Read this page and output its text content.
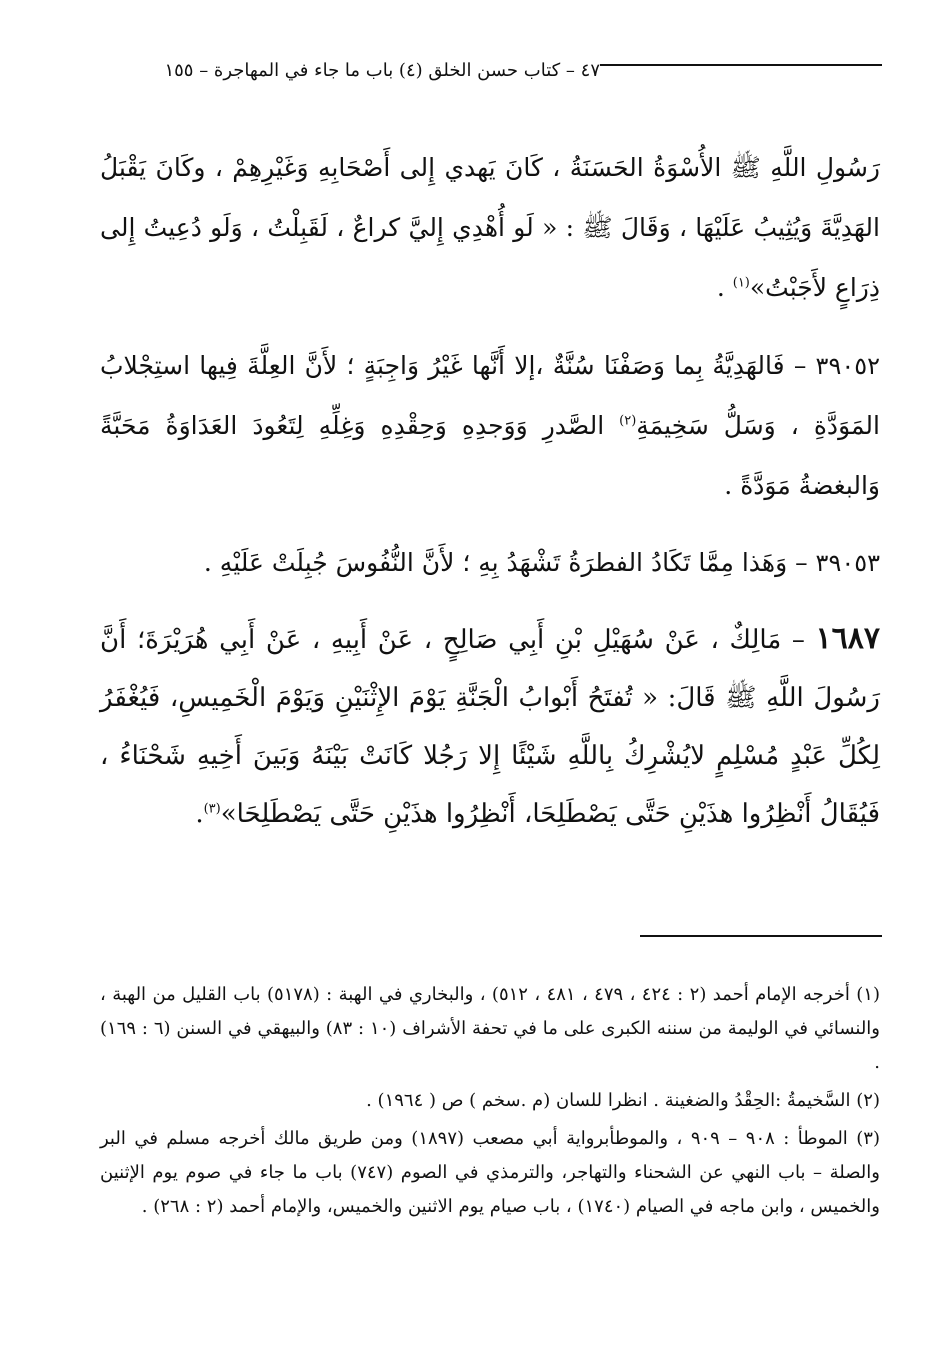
٤٧ – كتاب حسن الخلق (٤) باب ما جاء في المهاجرة – ١٥٥

رَسُولِ اللَّهِ ﷺ الأُسْوَةُ الحَسَنَةُ ، كَانَ يَهدي إِلى أَصْحَابِهِ وَغَيْرِهِمْ ، وكَانَ يَقْبَلُ الهَدِيَّةَ وَيُثِيبُ عَلَيْهَا ، وَقَالَ ﷺ : « لَو أُهْدِي إِليَّ كراعٌ ، لَقَبِلْتُ ، وَلَو دُعِيتُ إِلى ذِرَاعٍ لأَجَبْتُ»$^{(١)}$ .

٣٩٠٥٢ – فَالهَدِيَّةُ بِما وَصَفْنَا سُنَّةٌ ،إلا أَنَّها غَيْرُ وَاجِبَةٍ ؛ لأَنَّ العِلَّةَ فِيها استِجْلابُ المَوَدَّةِ ، وَسَلُّ سَخِيمَةِ$^{(٢)}$ الصَّدرِ وَوَجدِهِ وَحِقْدِهِ وَغِلِّهِ لِتَعُودَ العَدَاوَةُ مَحَبَّةً وَالبغضةُ مَوَدَّةً .

٣٩٠٥٣ – وَهَذا مِمَّا تَكَادُ الفطرَةُ تَشْهَدُ بِهِ ؛ لأَنَّ النُّفُوسَ جُبِلَتْ عَلَيْهِ .

١٦٨٧ – مَالِكٌ ، عَنْ سُهَيْلِ بْنِ أَبِي صَالِحٍ ، عَنْ أَبِيهِ ، عَنْ أَبِي هُرَيْرَةَ؛ أَنَّ رَسُولَ اللَّهِ ﷺ قَالَ: « تُفتَحُ أَبْوابُ الْجَنَّةِ يَوْمَ الإِثْنَيْنِ وَيَوْمَ الْخَمِيسِ، فَيُغْفَرُ لِكُلِّ عَبْدٍ مُسْلِمٍ لايُشْرِكُ بِاللَّهِ شَيْئًا إِلا رَجُلا كَانَتْ بَيْنَهُ وَبَينَ أَخِيهِ شَحْنَاءُ ، فَيُقَالُ أَنْظِرُوا هذَيْنِ حَتَّى يَصْطَلِحَا، أَنْظِرُوا هذَيْنِ حَتَّى يَصْطَلِحَا»$^{(٣)}$.

(١) أخرجه الإمام أحمد (٢ : ٤٢٤ ، ٤٧٩ ، ٤٨١ ، ٥١٢) ، والبخاري في الهبة : (٥١٧٨) باب القليل من الهبة ، والنسائي في الوليمة من سننه الكبرى على ما في تحفة الأشراف (١٠ : ٨٣) والبيهقي في السنن (٦ : ١٦٩) .

(٢) السَّخيمةُ :الحِقْدُ والضغينة . انظرا للسان (م .سخم ) ص ( ١٩٦٤) .

(٣) الموطأ : ٩٠٨ – ٩٠٩ ، والموطأبرواية أبي مصعب (١٨٩٧) ومن طريق مالك أخرجه مسلم في البر والصلة – باب النهي عن الشحناء والتهاجر، والترمذي في الصوم (٧٤٧) باب ما جاء في صوم يوم الإثنين والخميس ، وابن ماجه في الصيام (١٧٤٠) ، باب صيام يوم الاثنين والخميس، والإمام أحمد (٢ : ٢٦٨) .
